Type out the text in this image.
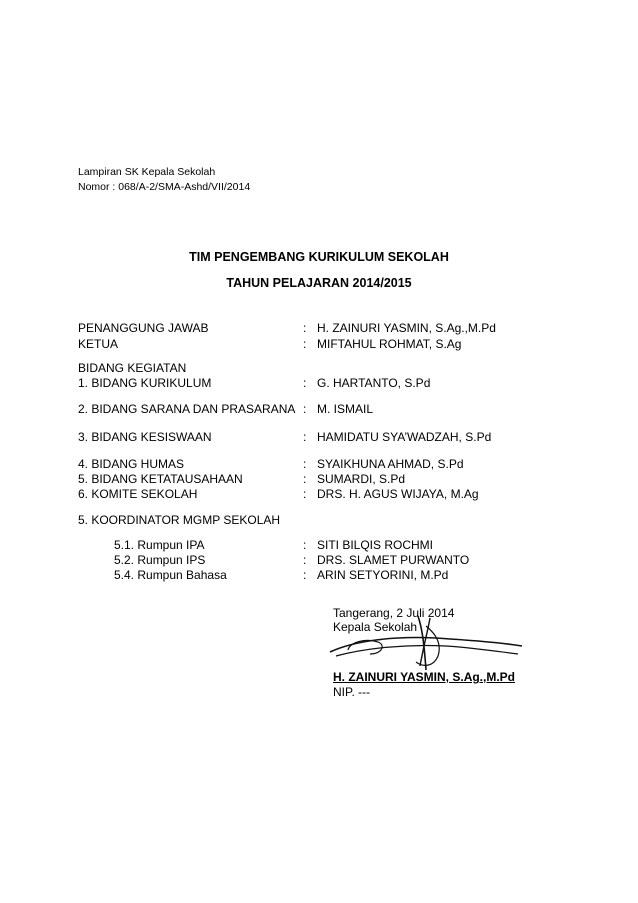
Lampiran SK Kepala Sekolah
Nomor : 068/A-2/SMA-Ashd/VII/2014
TIM PENGEMBANG KURIKULUM SEKOLAH
TAHUN PELAJARAN 2014/2015
PENANGGUNG JAWAB	: H. ZAINURI YASMIN, S.Ag.,M.Pd
KETUA	: MIFTAHUL ROHMAT, S.Ag
BIDANG KEGIATAN
1. BIDANG KURIKULUM	: G. HARTANTO, S.Pd
2. BIDANG SARANA DAN PRASARANA : M. ISMAIL
3. BIDANG KESISWAAN	: HAMIDATU SYA’WADZAH, S.Pd
4. BIDANG HUMAS	: SYAIKHUNA AHMAD, S.Pd
5. BIDANG KETATAUSAHAAN	: SUMARDI, S.Pd
6. KOMITE SEKOLAH	: DRS. H. AGUS WIJAYA, M.Ag
5. KOORDINATOR MGMP SEKOLAH
5.1. Rumpun IPA	: SITI BILQIS ROCHMI
5.2. Rumpun IPS	: DRS. SLAMET PURWANTO
5.4. Rumpun Bahasa	: ARIN SETYORINI, M.Pd
Tangerang, 2 Juli 2014
Kepala Sekolah
H. ZAINURI YASMIN, S.Ag.,M.Pd
NIP. ---
